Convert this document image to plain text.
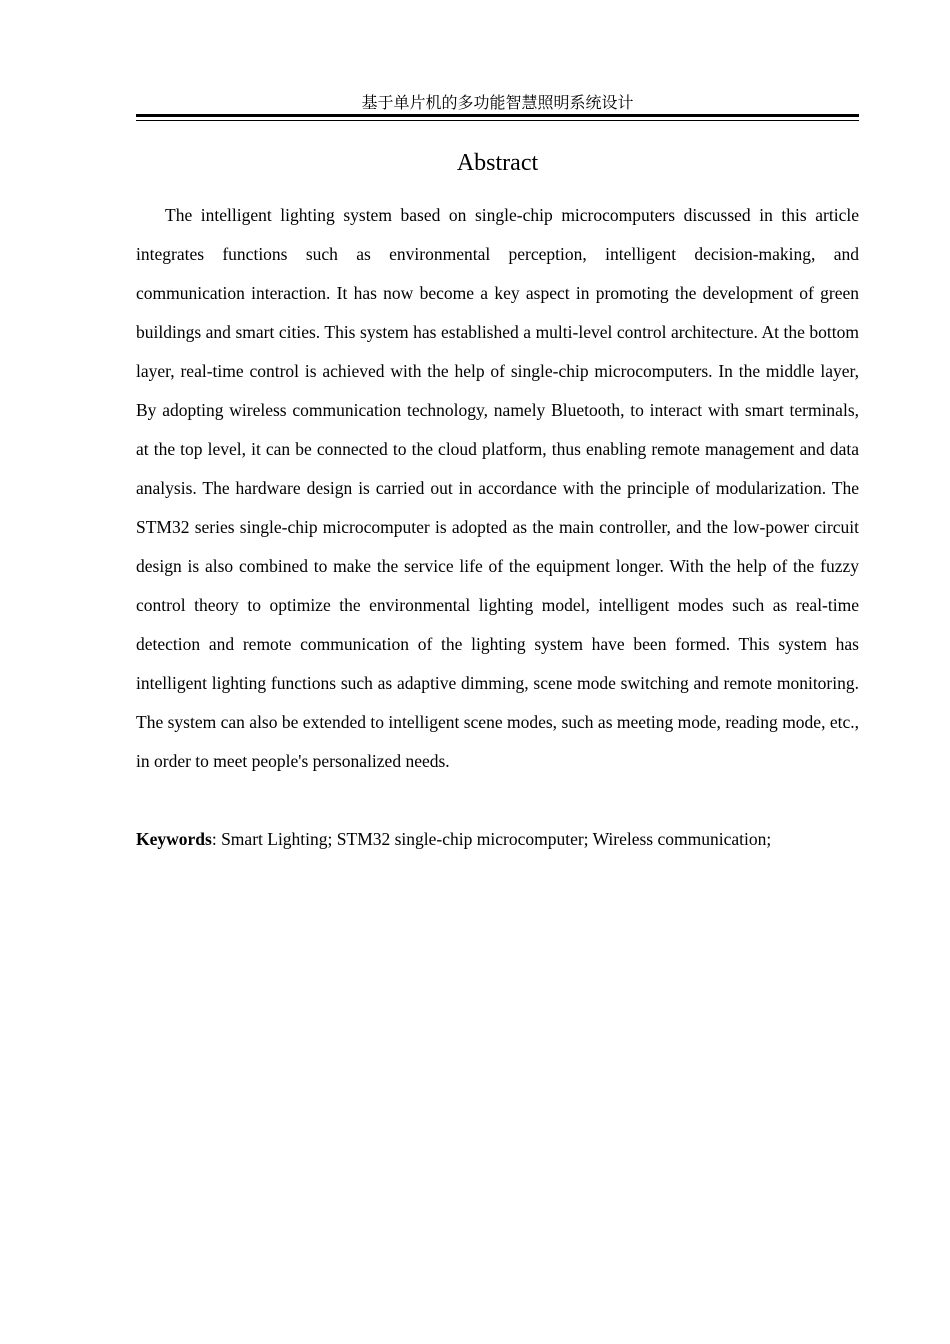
基于单片机的多功能智慧照明系统设计
Abstract

The intelligent lighting system based on single-chip microcomputers discussed in this article integrates functions such as environmental perception, intelligent decision-making, and communication interaction. It has now become a key aspect in promoting the development of green buildings and smart cities. This system has established a multi-level control architecture. At the bottom layer, real-time control is achieved with the help of single-chip microcomputers. In the middle layer, By adopting wireless communication technology, namely Bluetooth, to interact with smart terminals, at the top level, it can be connected to the cloud platform, thus enabling remote management and data analysis. The hardware design is carried out in accordance with the principle of modularization. The STM32 series single-chip microcomputer is adopted as the main controller, and the low-power circuit design is also combined to make the service life of the equipment longer. With the help of the fuzzy control theory to optimize the environmental lighting model, intelligent modes such as real-time detection and remote communication of the lighting system have been formed. This system has intelligent lighting functions such as adaptive dimming, scene mode switching and remote monitoring. The system can also be extended to intelligent scene modes, such as meeting mode, reading mode, etc., in order to meet people's personalized needs.

Keywords: Smart Lighting; STM32 single-chip microcomputer; Wireless communication;
